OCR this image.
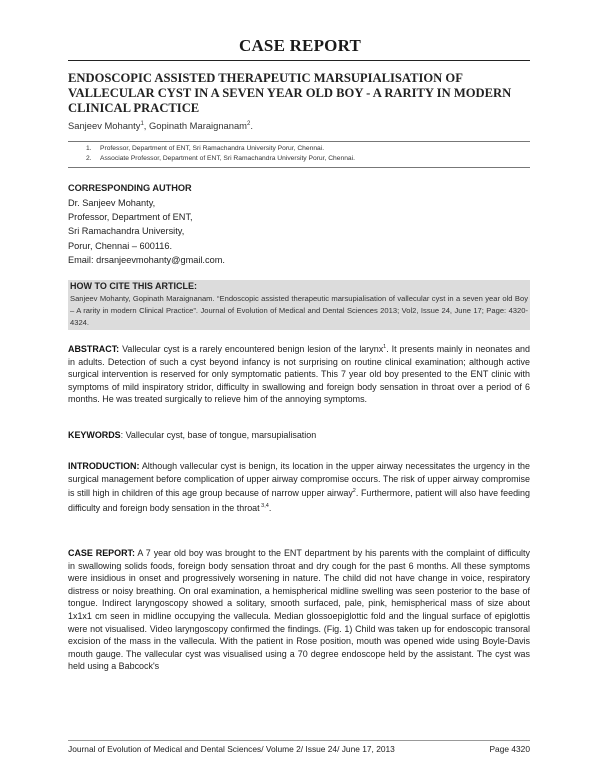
CASE REPORT
ENDOSCOPIC ASSISTED THERAPEUTIC MARSUPIALISATION OF VALLECULAR CYST IN A SEVEN YEAR OLD BOY - A RARITY IN MODERN CLINICAL PRACTICE
Sanjeev Mohanty$^1$, Gopinath Maraignanam$^2$.
1. Professor, Department of ENT, Sri Ramachandra University Porur, Chennai.
2. Associate Professor, Department of ENT, Sri Ramachandra University Porur, Chennai.
CORRESPONDING AUTHOR
Dr. Sanjeev Mohanty,
Professor, Department of ENT,
Sri Ramachandra University,
Porur, Chennai – 600116.
Email: drsanjeevmohanty@gmail.com.
HOW TO CITE THIS ARTICLE:
Sanjeev Mohanty, Gopinath Maraignanam. “Endoscopic assisted therapeutic marsupialisation of vallecular cyst in a seven year old Boy – A rarity in modern Clinical Practice”. Journal of Evolution of Medical and Dental Sciences 2013; Vol2, Issue 24, June 17; Page: 4320-4324.
ABSTRACT: Vallecular cyst is a rarely encountered benign lesion of the larynx$^1$. It presents mainly in neonates and in adults. Detection of such a cyst beyond infancy is not surprising on routine clinical examination; although active surgical intervention is reserved for only symptomatic patients. This 7 year old boy presented to the ENT clinic with symptoms of mild inspiratory stridor, difficulty in swallowing and foreign body sensation in throat over a period of 6 months. He was treated surgically to relieve him of the annoying symptoms.
KEYWORDS: Vallecular cyst, base of tongue, marsupialisation
INTRODUCTION: Although vallecular cyst is benign, its location in the upper airway necessitates the urgency in the surgical management before complication of upper airway compromise occurs. The risk of upper airway compromise is still high in children of this age group because of narrow upper airway$^2$. Furthermore, patient will also have feeding difficulty and foreign body sensation in the throat $^{3,4}$.
CASE REPORT: A 7 year old boy was brought to the ENT department by his parents with the complaint of difficulty in swallowing solids foods, foreign body sensation throat and dry cough for the past 6 months. All these symptoms were insidious in onset and progressively worsening in nature. The child did not have change in voice, respiratory distress or noisy breathing. On oral examination, a hemispherical midline swelling was seen posterior to the base of tongue. Indirect laryngoscopy showed a solitary, smooth surfaced, pale, pink, hemispherical mass of size about 1x1x1 cm seen in midline occupying the vallecula. Median glossoepiglottic fold and the lingual surface of epiglottis were not visualised. Video laryngoscopy confirmed the findings. (Fig. 1) Child was taken up for endoscopic transoral excision of the mass in the vallecula. With the patient in Rose position, mouth was opened wide using Boyle-Davis mouth gauge. The vallecular cyst was visualised using a 70 degree endoscope held by the assistant. The cyst was held using a Babcock's
Journal of Evolution of Medical and Dental Sciences/ Volume 2/ Issue 24/ June 17, 2013	Page 4320
